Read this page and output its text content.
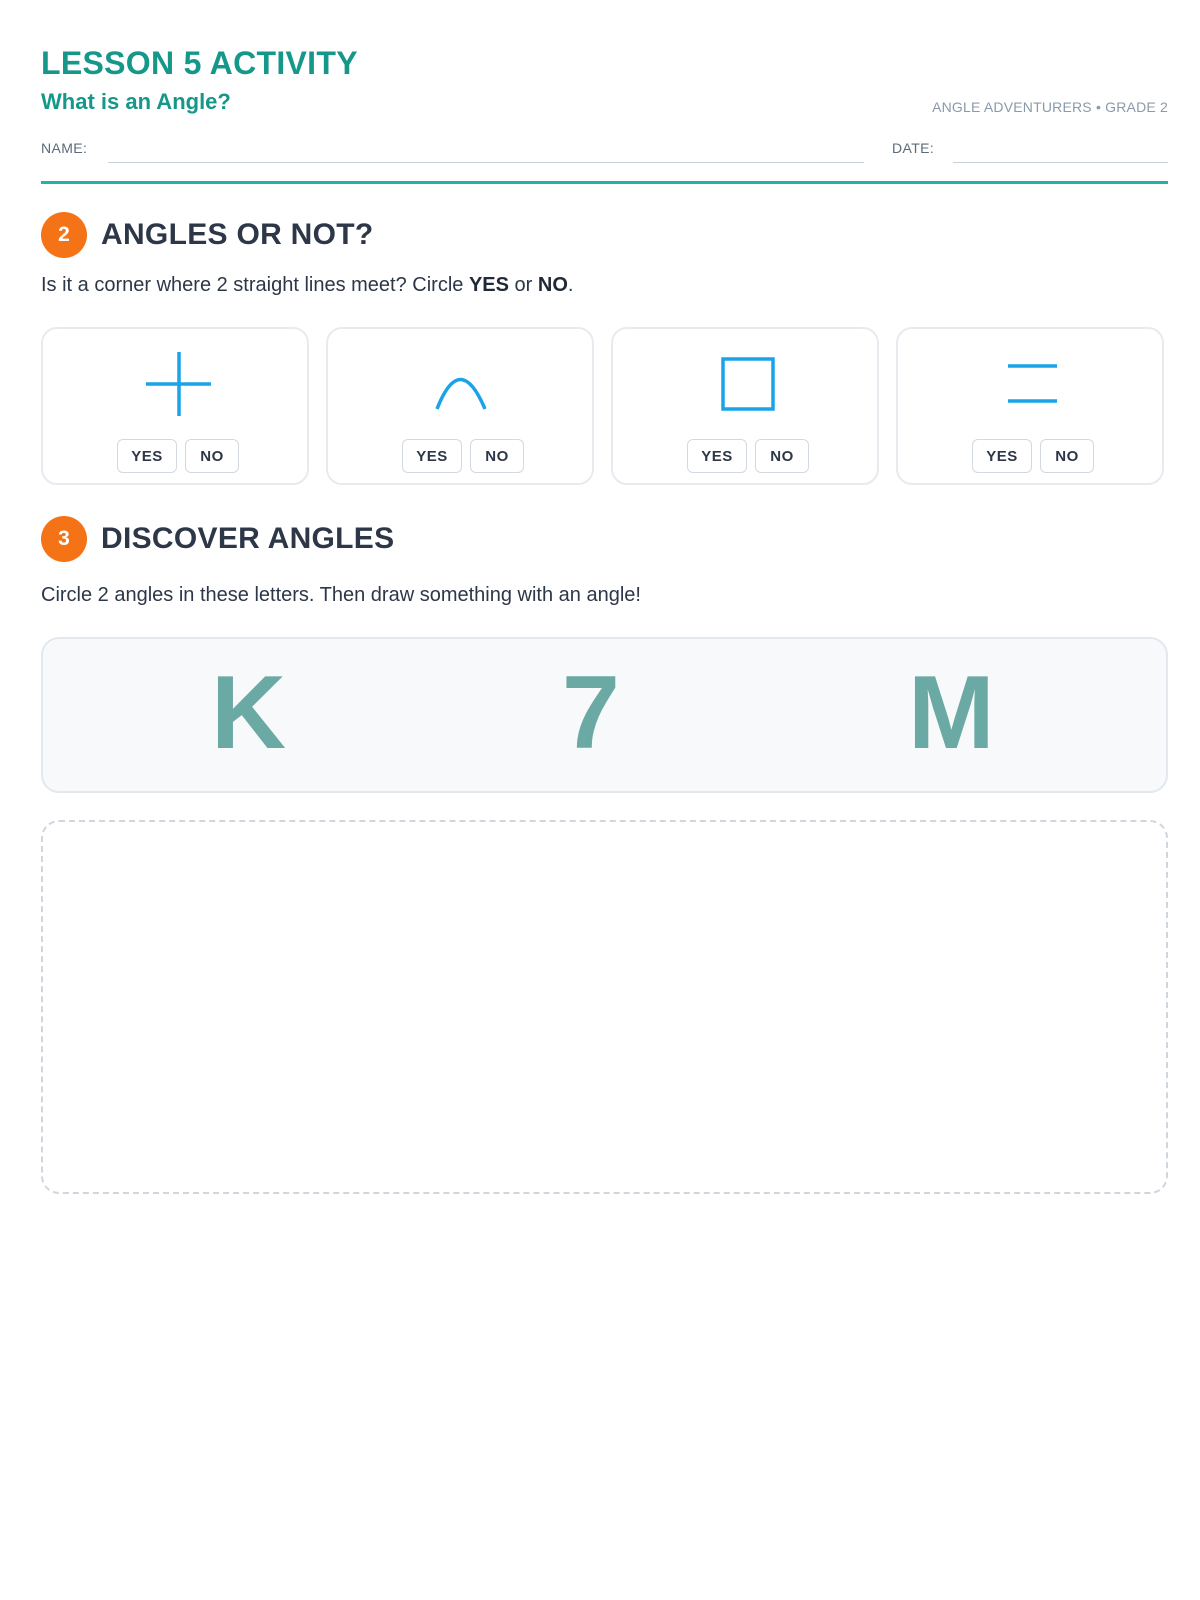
LESSON 5 ACTIVITY
What is an Angle?	ANGLE ADVENTURERS • GRADE 2
NAME:	DATE:
2	ANGLES OR NOT?
Is it a corner where 2 straight lines meet? Circle YES or NO.
YES	NO	YES	NO	YES	NO	YES	NO
3	DISCOVER ANGLES
Circle 2 angles in these letters. Then draw something with an angle!
K	7	M
